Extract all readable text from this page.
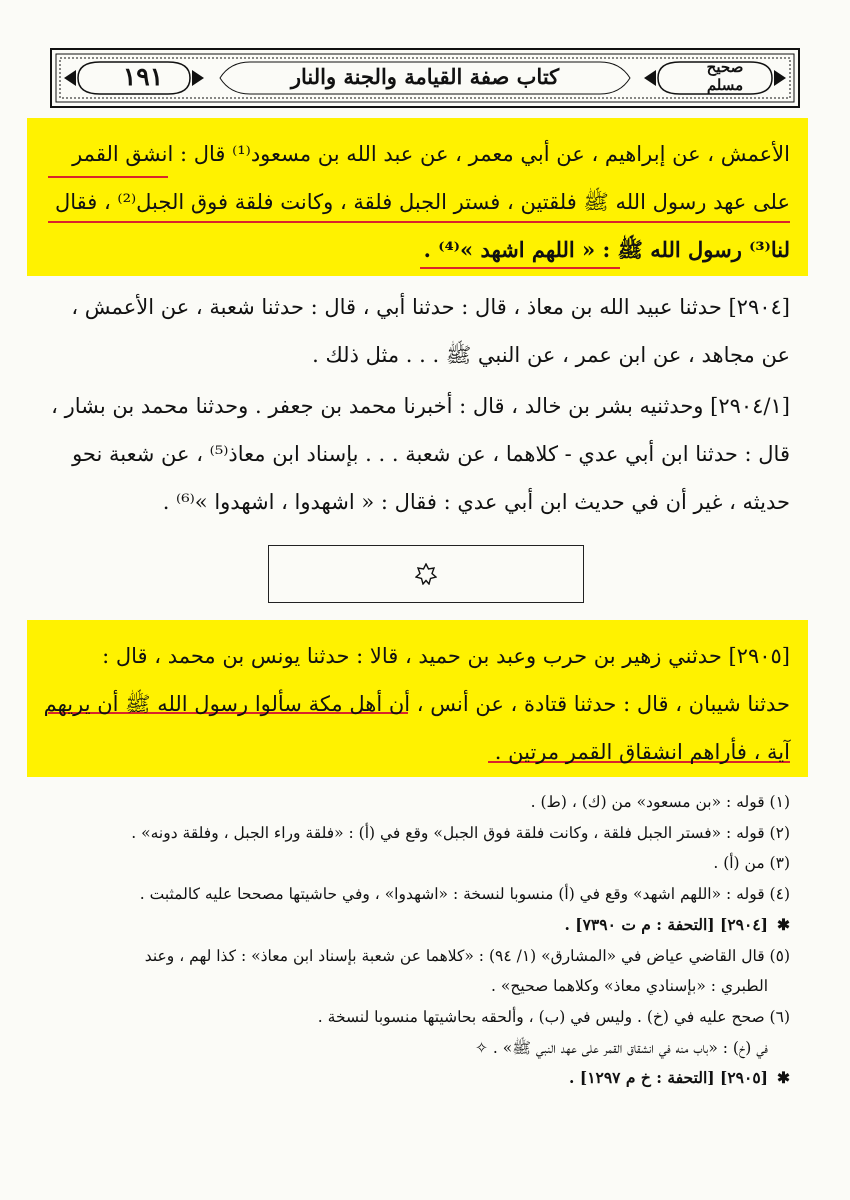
١٩١	كتاب صفة القيامة والجنة والنار	صحيح
مسلم
الأعمش ، عن إبراهيم ، عن أبي معمر ، عن عبد الله بن مسعود⁽¹⁾ قال : انشق القمر
على عهد رسول الله ﷺ فلقتين ، فستر الجبل فلقة ، وكانت فلقة فوق الجبل⁽²⁾ ، فقال
لنا⁽³⁾ رسول الله ﷺ : « اللهم اشهد »⁽⁴⁾ .
[٢٩٠٤] حدثنا عبيد الله بن معاذ ، قال : حدثنا أبي ، قال : حدثنا شعبة ، عن الأعمش ،
عن مجاهد ، عن ابن عمر ، عن النبي ﷺ . . . مثل ذلك .
[٢٩٠٤/١] وحدثنيه بشر بن خالد ، قال : أخبرنا محمد بن جعفر . وحدثنا محمد بن بشار ،
قال : حدثنا ابن أبي عدي - كلاهما ، عن شعبة . . . بإسناد ابن معاذ⁽⁵⁾ ، عن شعبة نحو
حديثه ، غير أن في حديث ابن أبي عدي : فقال : « اشهدوا ، اشهدوا »⁽⁶⁾ .
[٢٩٠٥] حدثني زهير بن حرب وعبد بن حميد ، قالا : حدثنا يونس بن محمد ، قال :
حدثنا شيبان ، قال : حدثنا قتادة ، عن أنس ، أن أهل مكة سألوا رسول الله ﷺ أن يريهم
آية ، فأراهم انشقاق القمر مرتين .
(١) قوله : «بن مسعود» من (ك) ، (ط) .
(٢) قوله : «فستر الجبل فلقة ، وكانت فلقة فوق الجبل» وقع في (أ) : «فلقة وراء الجبل ، وفلقة دونه» .
(٣) من (أ) .
(٤) قوله : «اللهم اشهد» وقع في (أ) منسوبا لنسخة : «اشهدوا» ، وفي حاشيتها مصححا عليه كالمثبت .
✱[٢٩٠٤] [التحفة : م ت ٧٣٩٠] .
(٥) قال القاضي عياض في «المشارق» (١/ ٩٤) : «كلاهما عن شعبة بإسناد ابن معاذ» : كذا لهم ، وعند
الطبري : «بإسنادي معاذ» وكلاهما صحيح» .
(٦) صحح عليه في (خ) . وليس في (ب) ، وألحقه بحاشيتها منسوبا لنسخة .
في (خ) : «باب منه في انشقاق القمر على عهد النبي ﷺ» . ✧
✱[٢٩٠٥] [التحفة : خ م ١٢٩٧] .
